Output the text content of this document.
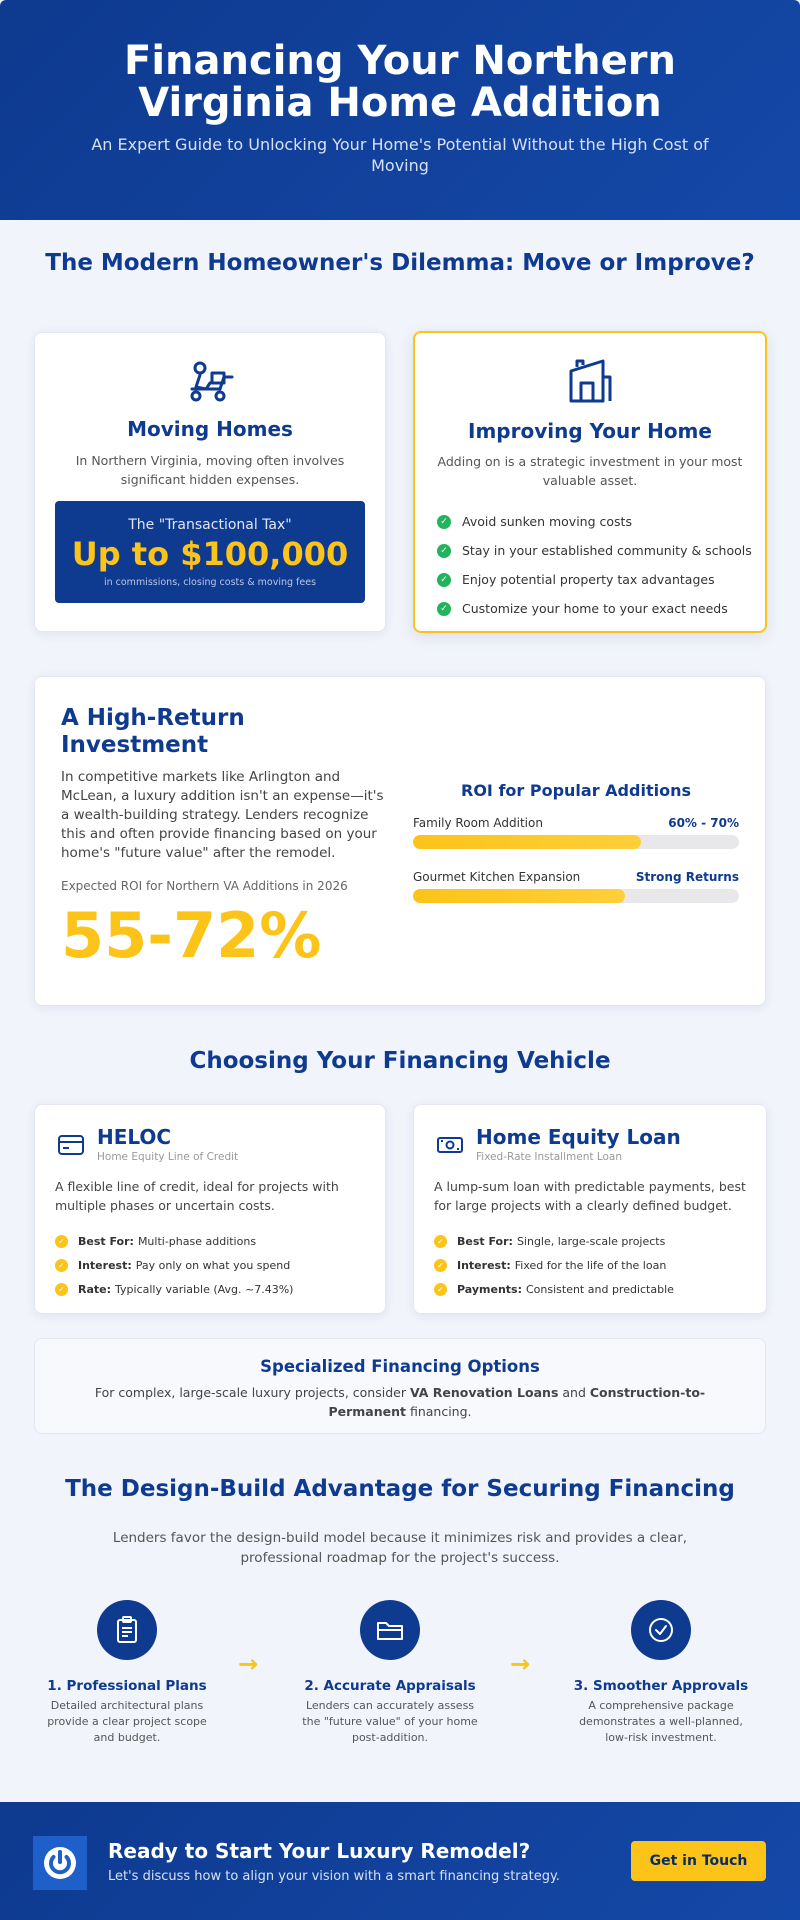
Financing Your Northern Virginia Home Addition

An Expert Guide to Unlocking Your Home's Potential Without the High Cost of Moving

The Modern Homeowner's Dilemma: Move or Improve?
Moving Homes
In Northern Virginia, moving often involves significant hidden expenses.
The "Transactional Tax"
Up to $100,000
in commissions, closing costs & moving fees
Improving Your Home
Adding on is a strategic investment in your most valuable asset.
✓ Avoid sunken moving costs
✓ Stay in your established community & schools
✓ Enjoy potential property tax advantages
✓ Customize your home to your exact needs
A High-Return Investment
In competitive markets like Arlington and McLean, a luxury addition isn't an expense—it's a wealth-building strategy. Lenders recognize this and often provide financing based on your home's "future value" after the remodel.
Expected ROI for Northern VA Additions in 2026
55-72%
ROI for Popular Additions
Family Room Addition	60% - 70%
Gourmet Kitchen Expansion	Strong Returns
Choosing Your Financing Vehicle
HELOC
Home Equity Line of Credit
A flexible line of credit, ideal for projects with multiple phases or uncertain costs.
✓ Best For: Multi-phase additions
✓ Interest: Pay only on what you spend
✓ Rate: Typically variable (Avg. ~7.43%)
Home Equity Loan
Fixed-Rate Installment Loan
A lump-sum loan with predictable payments, best for large projects with a clearly defined budget.
✓ Best For: Single, large-scale projects
✓ Interest: Fixed for the life of the loan
✓ Payments: Consistent and predictable
Specialized Financing Options
For complex, large-scale luxury projects, consider VA Renovation Loans and Construction-to-Permanent financing.
The Design-Build Advantage for Securing Financing
Lenders favor the design-build model because it minimizes risk and provides a clear, professional roadmap for the project's success.
1. Professional Plans
Detailed architectural plans provide a clear project scope and budget.
→
2. Accurate Appraisals
Lenders can accurately assess the "future value" of your home post-addition.
→
3. Smoother Approvals
A comprehensive package demonstrates a well-planned, low-risk investment.
Ready to Start Your Luxury Remodel?
Let's discuss how to align your vision with a smart financing strategy.
Get in Touch
